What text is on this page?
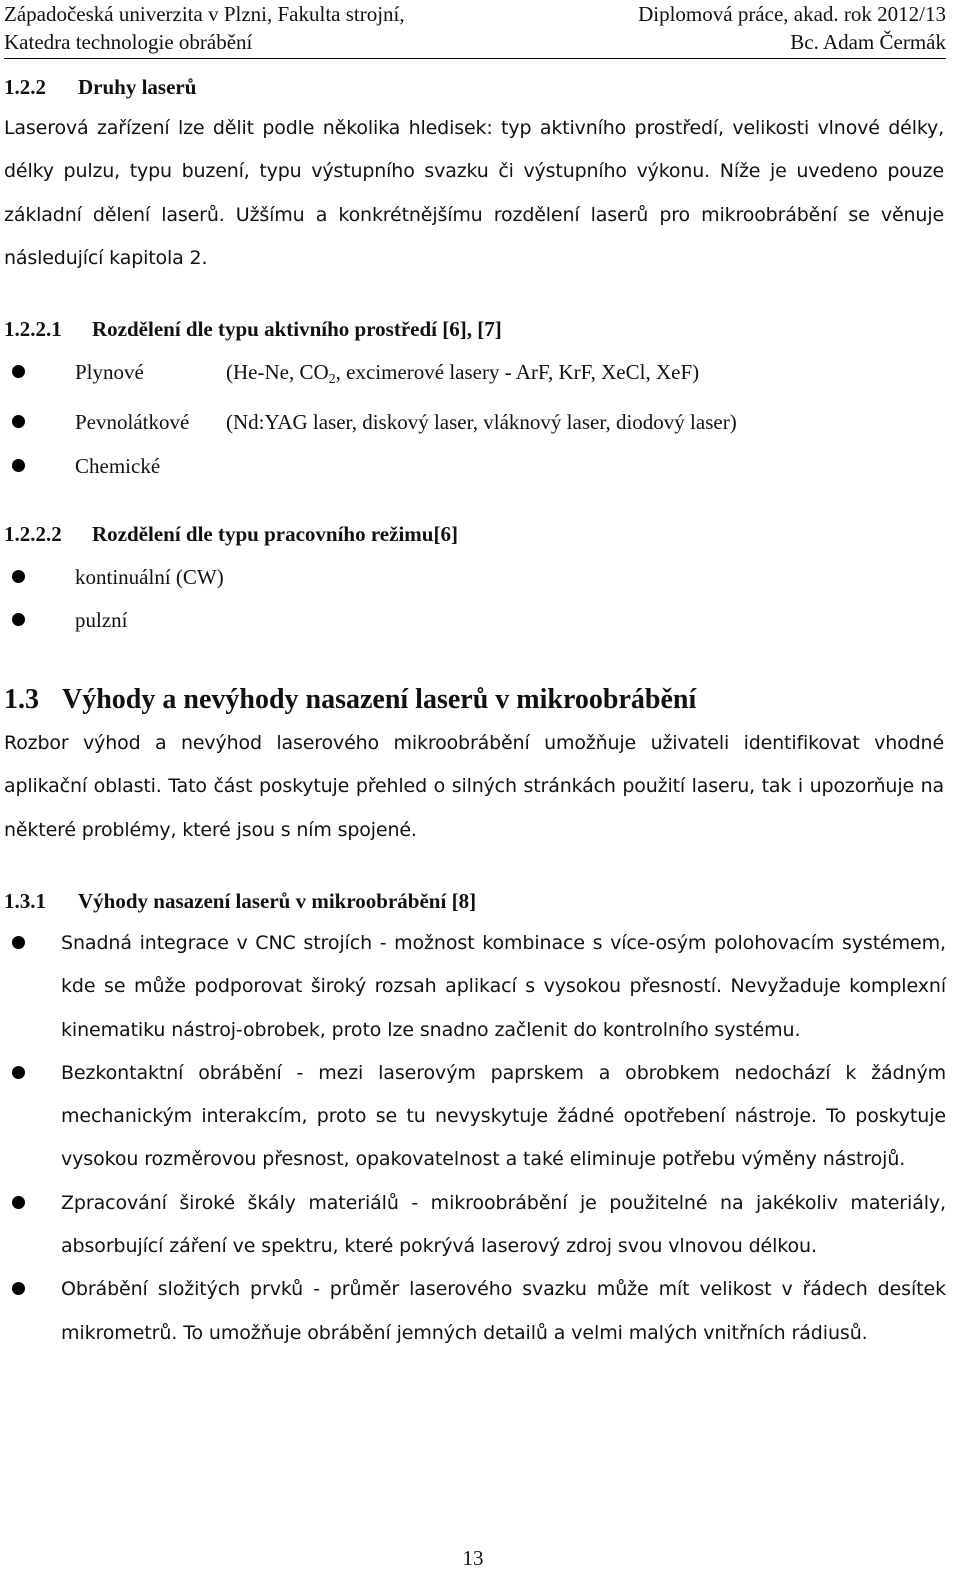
Západočeská univerzita v Plzni, Fakulta strojní,	Diplomová práce, akad. rok 2012/13
Katedra technologie obrábění	Bc. Adam Čermák
1.2.2 Druhy laserů
Laserová zařízení lze dělit podle několika hledisek: typ aktivního prostředí, velikosti vlnové délky, délky pulzu, typu buzení, typu výstupního svazku či výstupního výkonu. Níže je uvedeno pouze základní dělení laserů. Užšímu a konkrétnějšímu rozdělení laserů pro mikroobrábění se věnuje následující kapitola 2.
1.2.2.1 Rozdělení dle typu aktivního prostředí [6], [7]
Plynové	(He-Ne, $CO_2$, excimerové lasery - ArF, KrF, XeCl, XeF)
Pevnolátkové (Nd:YAG laser, diskový laser, vláknový laser, diodový laser)
Chemické
1.2.2.2 Rozdělení dle typu pracovního režimu[6]
kontinuální (CW)
pulzní
1.3 Výhody a nevýhody nasazení laserů v mikroobrábění
Rozbor výhod a nevýhod laserového mikroobrábění umožňuje uživateli identifikovat vhodné aplikační oblasti. Tato část poskytuje přehled o silných stránkách použití laseru, tak i upozorňuje na některé problémy, které jsou s ním spojené.
1.3.1 Výhody nasazení laserů v mikroobrábění [8]
Snadná integrace v CNC strojích - možnost kombinace s více-osým polohovacím systémem, kde se může podporovat široký rozsah aplikací s vysokou přesností. Nevyžaduje komplexní kinematiku nástroj-obrobek, proto lze snadno začlenit do kontrolního systému.
Bezkontaktní obrábění - mezi laserovým paprskem a obrobkem nedochází k žádným mechanickým interakcím, proto se tu nevyskytuje žádné opotřebení nástroje. To poskytuje vysokou rozměrovou přesnost, opakovatelnost a také eliminuje potřebu výměny nástrojů.
Zpracování široké škály materiálů - mikroobrábění je použitelné na jakékoliv materiály, absorbující záření ve spektru, které pokrývá laserový zdroj svou vlnovou délkou.
Obrábění složitých prvků - průměr laserového svazku může mít velikost v řádech desítek mikrometrů. To umožňuje obrábění jemných detailů a velmi malých vnitřních rádiusů.
13
